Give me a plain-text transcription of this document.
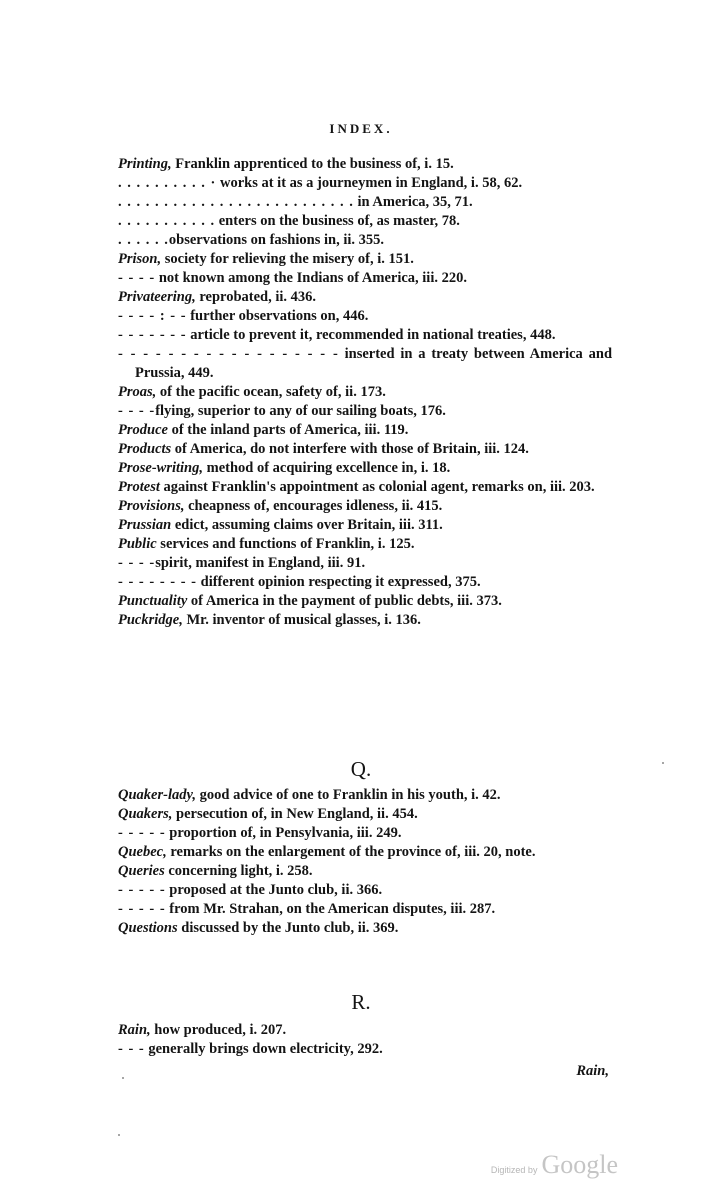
INDEX.
Printing, Franklin apprenticed to the business of, i. 15.
. . . . . . . . . . · works at it as a journeymen in England, i. 58, 62.
. . . . . . . . . . . . . . . . . . . . . . . . . . in America, 35, 71.
. . . . . . . . . . . enters on the business of, as master, 78.
. . . . . .observations on fashions in, ii. 355.
Prison, society for relieving the misery of, i. 151.
- - - - not known among the Indians of America, iii. 220.
Privateering, reprobated, ii. 436.
- - - - : - - further observations on, 446.
- - - - - - - article to prevent it, recommended in national treaties, 448.
- - - - - - - - - - - - - - - - - - inserted in a treaty between America and Prussia, 449.
Proas, of the pacific ocean, safety of, ii. 173.
- - - -flying, superior to any of our sailing boats, 176.
Produce of the inland parts of America, iii. 119.
Products of America, do not interfere with those of Britain, iii. 124.
Prose-writing, method of acquiring excellence in, i. 18.
Protest against Franklin's appointment as colonial agent, remarks on, iii. 203.
Provisions, cheapness of, encourages idleness, ii. 415.
Prussian edict, assuming claims over Britain, iii. 311.
Public services and functions of Franklin, i. 125.
- - - -spirit, manifest in England, iii. 91.
- - - - - - - - different opinion respecting it expressed, 375.
Punctuality of America in the payment of public debts, iii. 373.
Puckridge, Mr. inventor of musical glasses, i. 136.
Q.
Quaker-lady, good advice of one to Franklin in his youth, i. 42.
Quakers, persecution of, in New England, ii. 454.
- - - - - proportion of, in Pensylvania, iii. 249.
Quebec, remarks on the enlargement of the province of, iii. 20, note.
Queries concerning light, i. 258.
- - - - - proposed at the Junto club, ii. 366.
- - - - - from Mr. Strahan, on the American disputes, iii. 287.
Questions discussed by the Junto club, ii. 369.
R.
Rain, how produced, i. 207.
- - - generally brings down electricity, 292.
Rain,
Digitized by Google
